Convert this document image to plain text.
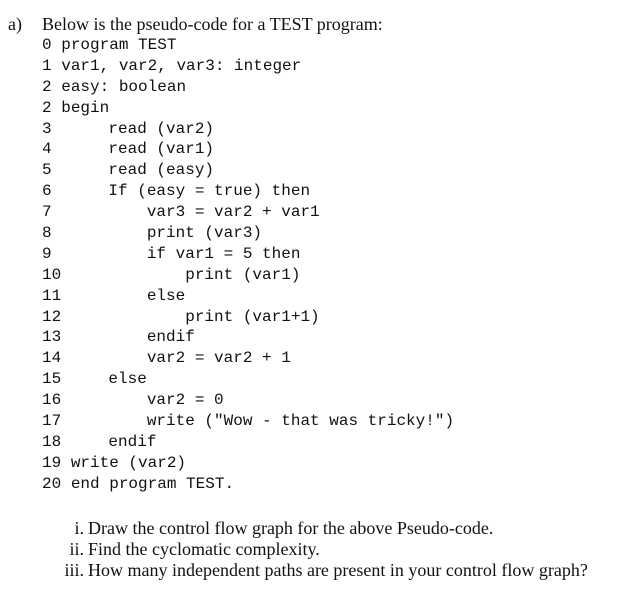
a) Below is the pseudo-code for a TEST program:
0
program TEST
1
var1, var2, var3: integer
2
easy: boolean
2
begin
3	read (var2)
4	read (var1)
5	read (easy)
6	If (easy = true) then
7	var3 = var2 + var1
8	print (var3)
9	if var1 = 5 then
10 print (var1)
11 else
12 print (var1+1)
13 endif
14 var2 = var2 + 1
15 else
16 var2 = 0
17 write ("Wow - that was tricky!")
18 endif
19
write (var2)
20
end program TEST.
i. Draw the control flow graph for the above Pseudo-code.
ii. Find the cyclomatic complexity.
iii. How many independent paths are present in your control flow graph?
